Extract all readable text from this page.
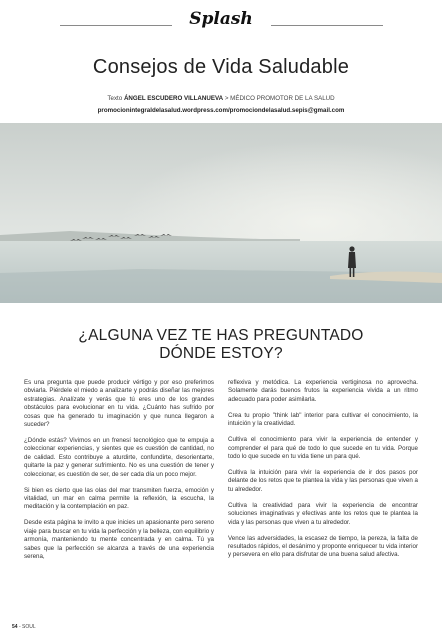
Splash
Consejos de Vida Saludable
Texto ÁNGEL ESCUDERO VILLANUEVA > MÉDICO PROMOTOR DE LA SALUD
promocionintegraldelasalud.wordpress.com/promociondelasalud.sepis@gmail.com
¿ALGUNA VEZ TE HAS PREGUNTADO
DÓNDE ESTOY?

Es una pregunta que puede producir vértigo y por eso preferimos obviarla. Piérdele el miedo a analizarte y podrás diseñar las mejores estrategias. Analízate y verás que tú eres uno de los grandes obstáculos para evolucionar en tu vida. ¿Cuánto has sufrido por cosas que ha generado tu imaginación y que nunca llegaron a suceder?

¿Dónde estás? Vivimos en un frenesí tecnológico que te empuja a coleccionar experiencias, y sientes que es cuestión de cantidad, no de calidad. Esto contribuye a aturdirte, confundirte, desorientarte, quitarte la paz y generar sufrimiento. No es una cuestión de tener y coleccionar, es cuestión de ser, de ser cada día un poco mejor.

Si bien es cierto que las olas del mar transmiten fuerza, emoción y vitalidad, un mar en calma permite la reflexión, la escucha, la meditación y la contemplación en paz.

Desde esta página te invito a que inicies un apasionante pero sereno viaje para buscar en tu vida la perfección y la belleza, con equilibrio y armonía, manteniendo tu mente concentrada y en calma. Tú ya sabes que la perfección se alcanza a través de una experiencia serena,

reflexiva y metódica. La experiencia vertiginosa no aprovecha. Solamente darás buenos frutos la experiencia vivida a un ritmo adecuado para poder asimilarla.

Crea tu propio "think lab" interior para cultivar el conocimiento, la intuición y la creatividad.

Cultiva el conocimiento para vivir la experiencia de entender y comprender el para qué de todo lo que sucede en tu vida. Porque todo lo que sucede en tu vida tiene un para qué.

Cultiva la intuición para vivir la experiencia de ir dos pasos por delante de los retos que te plantea la vida y las personas que viven a tu alrededor.

Cultiva la creatividad para vivir la experiencia de encontrar soluciones imaginativas y efectivas ante los retos que te plantea la vida y las personas que viven a tu alrededor.

Vence las adversidades, la escasez de tiempo, la pereza, la falta de resultados rápidos, el desánimo y proponte enriquecer tu vida interior y persevera en ello para disfrutar de una buena salud afectiva.

54 - SOUL
